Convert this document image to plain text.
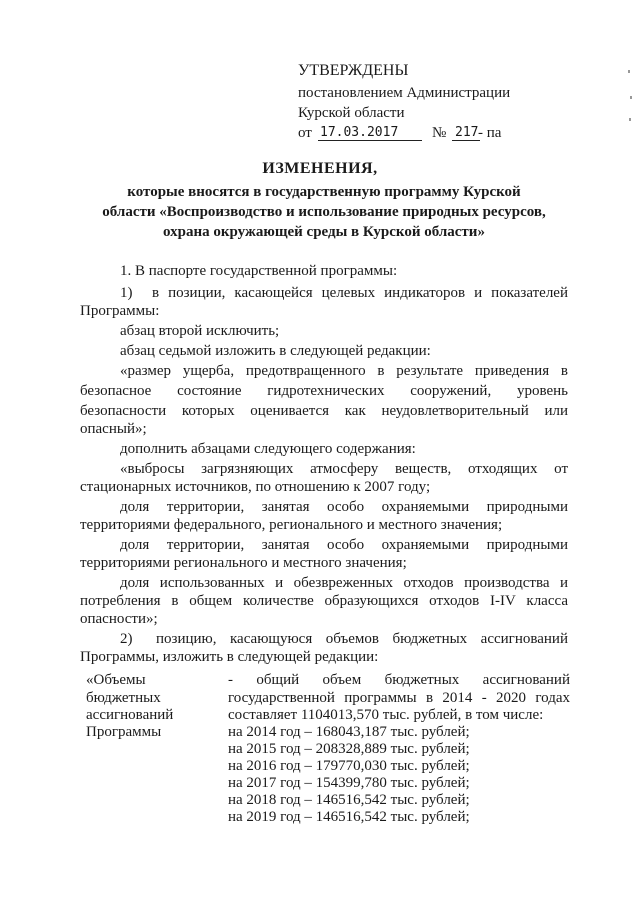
УТВЕРЖДЕНЫ
постановлением Администрации
Курской области
от 17.03.2017 № 217 - па
ИЗМЕНЕНИЯ,
которые вносятся в государственную программу Курской
области «Воспроизводство и использование природных ресурсов,
охрана окружающей среды в Курской области»
1. В паспорте государственной программы:
1) в позиции, касающейся целевых индикаторов и показателей
Программы:
абзац второй исключить;
абзац седьмой изложить в следующей редакции:
«размер ущерба, предотвращенного в результате приведения в
безопасное состояние гидротехнических сооружений, уровень
безопасности которых оценивается как неудовлетворительный или
опасный»;
дополнить абзацами следующего содержания:
«выбросы загрязняющих атмосферу веществ, отходящих от
стационарных источников, по отношению к 2007 году;
доля территории, занятая особо охраняемыми природными
территориями федерального, регионального и местного значения;
доля территории, занятая особо охраняемыми природными
территориями регионального и местного значения;
доля использованных и обезвреженных отходов производства и
потребления в общем количестве образующихся отходов I-IV класса
опасности»;
2) позицию, касающуюся объемов бюджетных ассигнований
Программы, изложить в следующей редакции:
«Объемы
бюджетных
ассигнований
Программы
- общий объем бюджетных ассигнований
государственной программы в 2014 - 2020 годах
составляет 1104013,570 тыс. рублей, в том числе:
на 2014 год – 168043,187 тыс. рублей;
на 2015 год – 208328,889 тыс. рублей;
на 2016 год – 179770,030 тыс. рублей;
на 2017 год – 154399,780 тыс. рублей;
на 2018 год – 146516,542 тыс. рублей;
на 2019 год – 146516,542 тыс. рублей;
